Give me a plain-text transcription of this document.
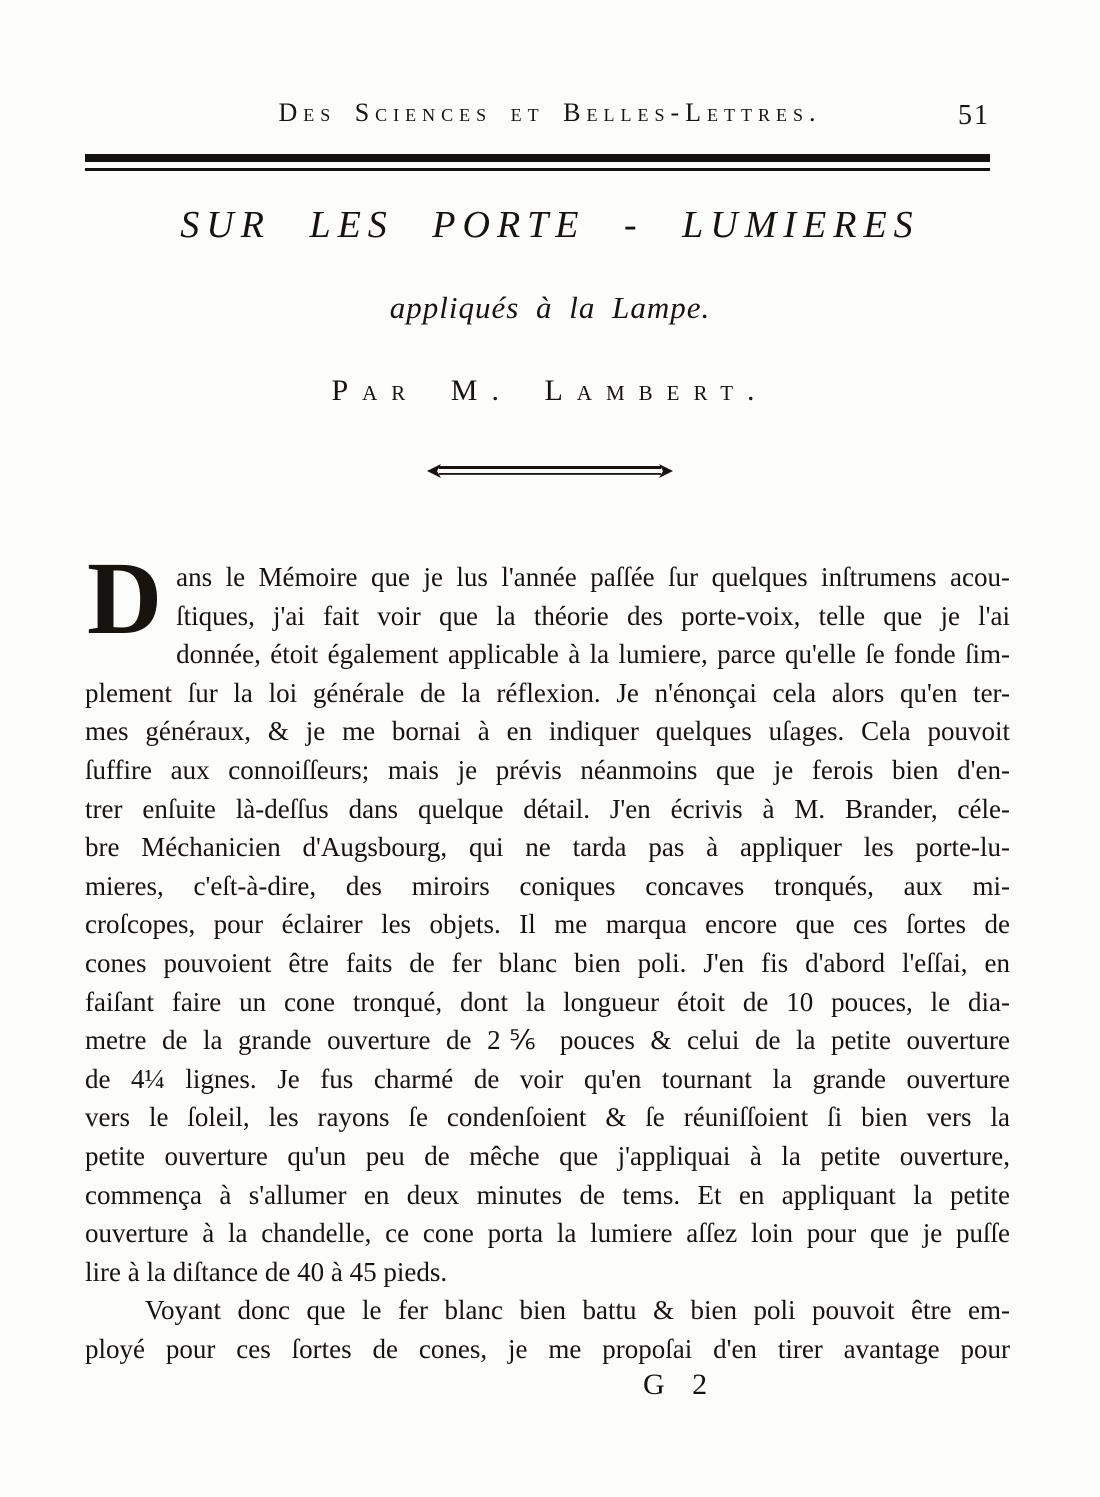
Des Sciences et Belles-Lettres.	51
SUR LES PORTE - LUMIERES
appliqués à la Lampe.
Par M. Lambert.
D ans le Mémoire que je lus l'année paſſée ſur quelques inſtrumens acou-
ſtiques, j'ai fait voir que la théorie des porte-voix, telle que je l'ai
donnée, étoit également applicable à la lumiere, parce qu'elle ſe fonde ſim-
plement ſur la loi générale de la réflexion. Je n'énonçai cela alors qu'en ter-
mes généraux, & je me bornai à en indiquer quelques uſages. Cela pouvoit
ſuffire aux connoiſſeurs; mais je prévis néanmoins que je ferois bien d'en-
trer enſuite là-deſſus dans quelque détail. J'en écrivis à M. Brander, céle-
bre Méchanicien d'Augsbourg, qui ne tarda pas à appliquer les porte-lu-
mieres, c'eſt-à-dire, des miroirs coniques concaves tronqués, aux mi-
croſcopes, pour éclairer les objets. Il me marqua encore que ces ſortes de
cones pouvoient être faits de fer blanc bien poli. J'en fis d'abord l'eſſai, en
faiſant faire un cone tronqué, dont la longueur étoit de 10 pouces, le dia-
metre de la grande ouverture de 2⅚ pouces & celui de la petite ouverture
de 4¼ lignes. Je fus charmé de voir qu'en tournant la grande ouverture
vers le ſoleil, les rayons ſe condenſoient & ſe réuniſſoient ſi bien vers la
petite ouverture qu'un peu de mêche que j'appliquai à la petite ouverture,
commença à s'allumer en deux minutes de tems. Et en appliquant la petite
ouverture à la chandelle, ce cone porta la lumiere aſſez loin pour que je puſſe
lire à la diſtance de 40 à 45 pieds.
Voyant donc que le fer blanc bien battu & bien poli pouvoit être em-
ployé pour ces ſortes de cones, je me propoſai d'en tirer avantage pour
G 2
